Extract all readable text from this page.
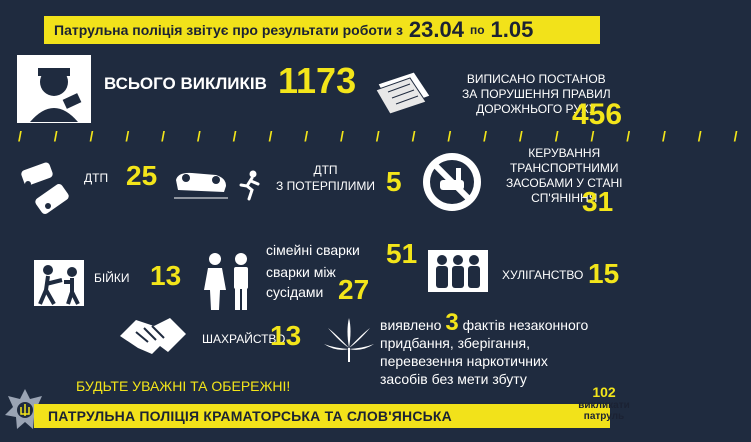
Патрульна поліція звітує про результати роботи з 23.04 по 1.05
ВСЬОГО ВИКЛИКІВ 1173	ВИПИСАНО ПОСТАНОВ
ЗА ПОРУШЕННЯ ПРАВИЛ
ДОРОЖНЬОГО РУХУ
456
/ / / / / / / / / / / / / / / / / / / / /
ДТП 25	ДТП
З ПОТЕРПІЛИМИ 5
КЕРУВАННЯ
ТРАНСПОРТНИМИ
ЗАСОБАМИ У СТАНІ
СП'ЯНІННЯ
31
БІЙКИ 13
сімейні сварки 51
сварки між
сусідами 27	ХУЛІГАНСТВО 15
ШАХРАЙСТВО
13	виявлено 3 фактів незаконного
придбання, зберігання,
перевезення наркотичних
засобів без мети збуту
БУДЬТЕ УВАЖНІ ТА ОБЕРЕЖНІ!
ПАТРУЛЬНА ПОЛІЦІЯ КРАМАТОРСЬКА ТА СЛОВ'ЯНСЬКА
102
викликати
патруль
